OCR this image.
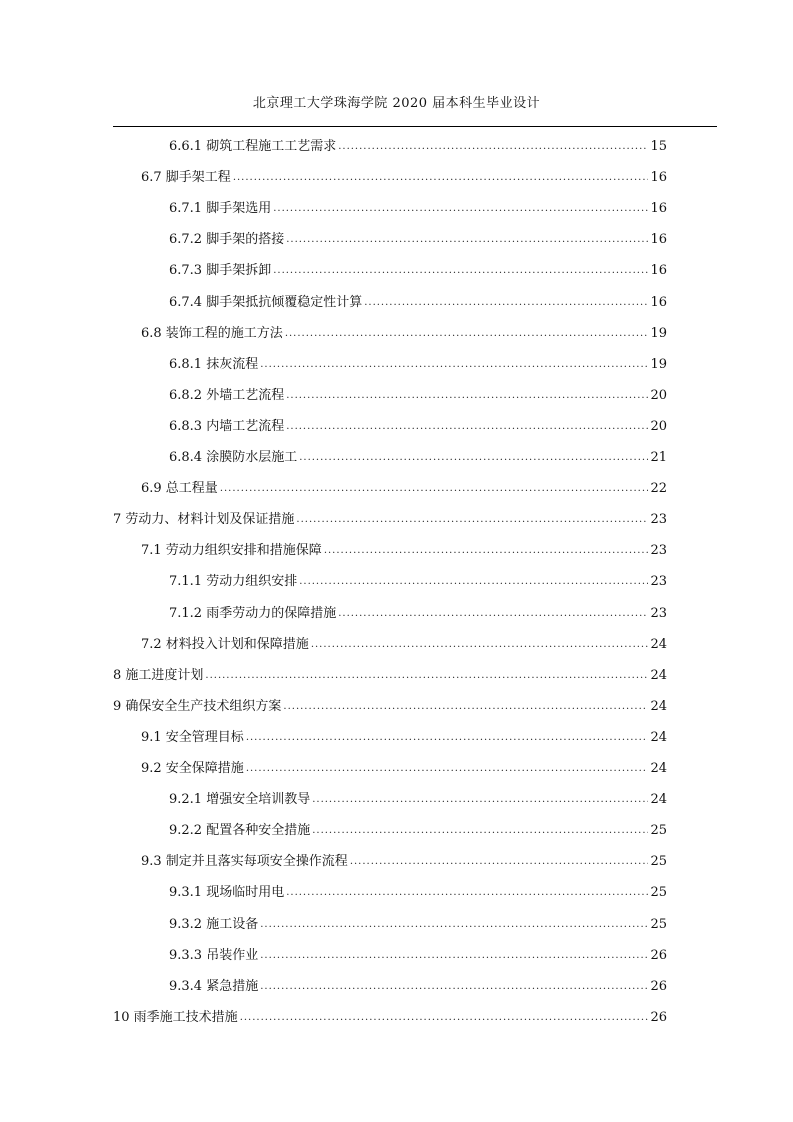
北京理工大学珠海学院 2020 届本科生毕业设计
6.6.1 砌筑工程施工工艺需求 .....	15
6.7 脚手架工程 .....	16
6.7.1 脚手架选用 .....	16
6.7.2 脚手架的搭接 .....	16
6.7.3 脚手架拆卸 .....	16
6.7.4 脚手架抵抗倾覆稳定性计算 .....	16
6.8 装饰工程的施工方法 .....	19
6.8.1 抹灰流程 .....	19
6.8.2 外墙工艺流程 .....	20
6.8.3 内墙工艺流程 .....	20
6.8.4 涂膜防水层施工 .....	21
6.9 总工程量 .....	22
7 劳动力、材料计划及保证措施 .....	23
7.1 劳动力组织安排和措施保障 .....	23
7.1.1 劳动力组织安排 .....	23
7.1.2 雨季劳动力的保障措施 .....	23
7.2 材料投入计划和保障措施 .....	24
8 施工进度计划 .....	24
9 确保安全生产技术组织方案 .....	24
9.1 安全管理目标 .....	24
9.2 安全保障措施 .....	24
9.2.1 增强安全培训教导 .....	24
9.2.2 配置各种安全措施 .....	25
9.3 制定并且落实每项安全操作流程 .....	25
9.3.1 现场临时用电 .....	25
9.3.2 施工设备 .....	25
9.3.3 吊装作业 .....	26
9.3.4 紧急措施 .....	26
10 雨季施工技术措施 .....	26
